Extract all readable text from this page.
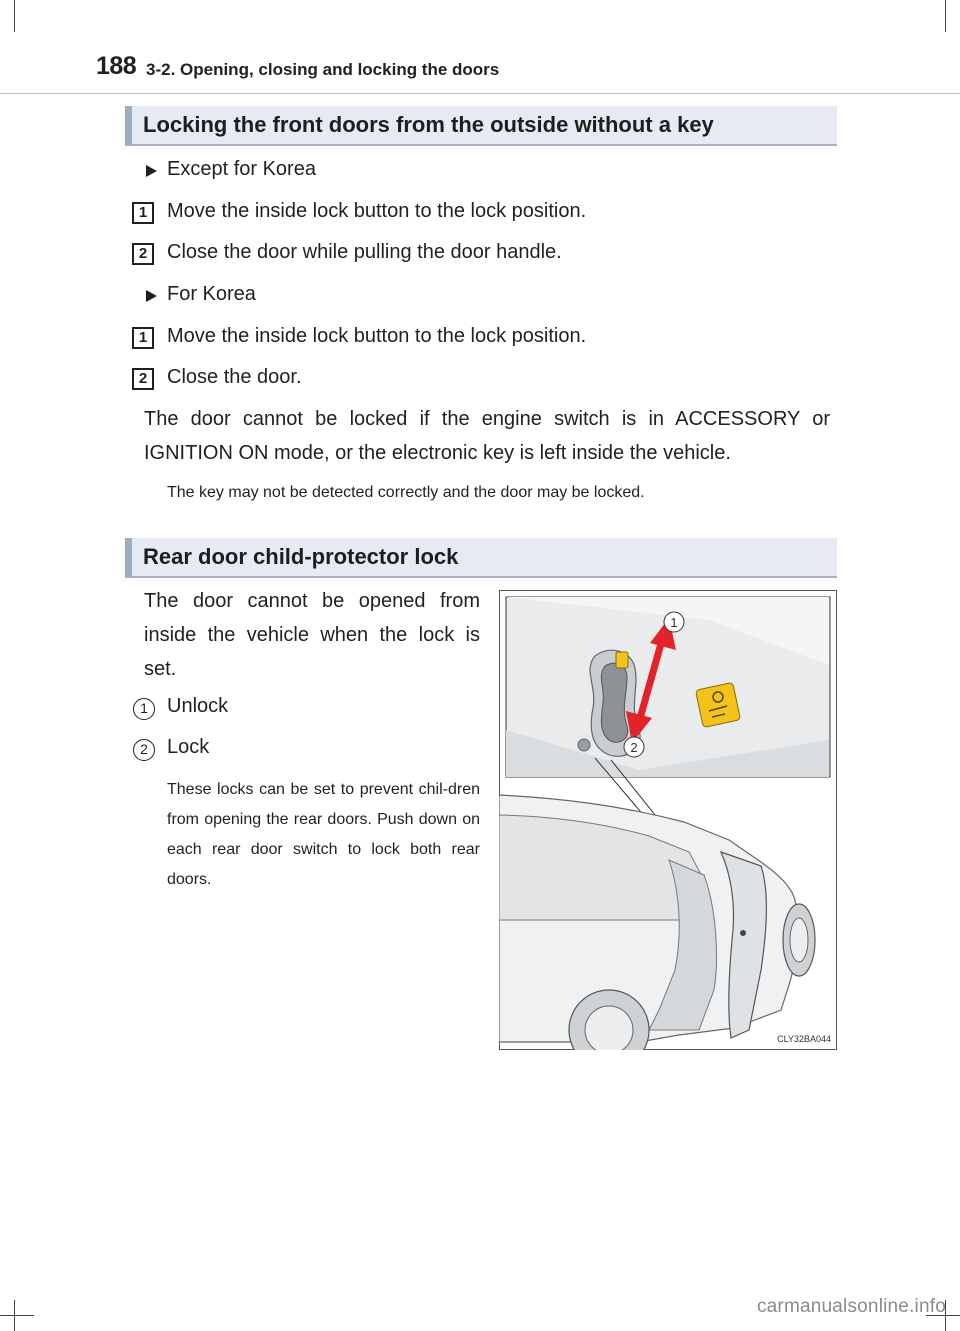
188 3-2. Opening, closing and locking the doors
Locking the front doors from the outside without a key
Except for Korea
1 Move the inside lock button to the lock position.
2 Close the door while pulling the door handle.
For Korea
1 Move the inside lock button to the lock position.
2 Close the door.
The door cannot be locked if the engine switch is in ACCESSORY or IGNITION ON mode, or the electronic key is left inside the vehicle.
The key may not be detected correctly and the door may be locked.
Rear door child-protector lock
The door cannot be opened from inside the vehicle when the lock is set.
1 Unlock
2 Lock
These locks can be set to prevent chil-dren from opening the rear doors. Push down on each rear door switch to lock both rear doors.
1
2
CLY32BA044
carmanualsonline.info
